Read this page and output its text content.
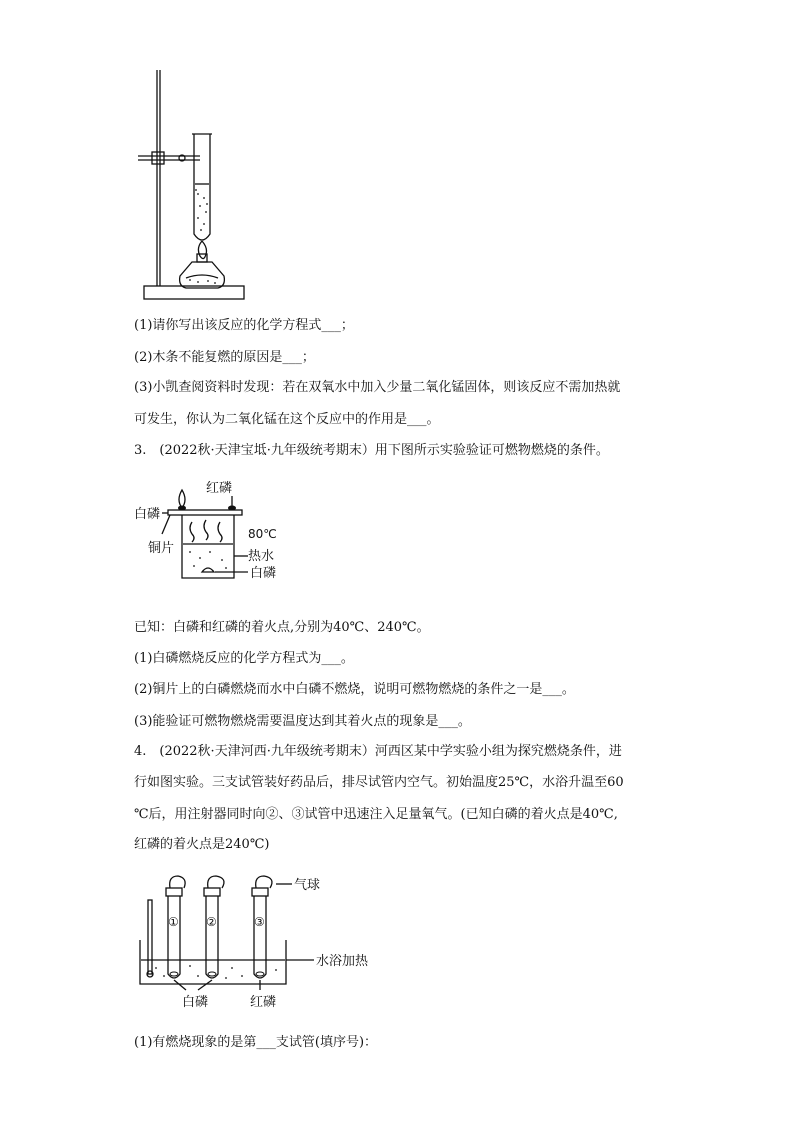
(1)请你写出该反应的化学方程式___；
(2)木条不能复燃的原因是___；
(3)小凯查阅资料时发现：若在双氧水中加入少量二氧化锰固体，则该反应不需加热就
可发生，你认为二氧化锰在这个反应中的作用是___。
3.　(2022秋·天津宝坻·九年级统考期末）用下图所示实验验证可燃物燃烧的条件。
红磷
白磷
铜片
80℃
热水
白磷
已知：白磷和红磷的着火点,分别为40℃、240℃。
(1)白磷燃烧反应的化学方程式为___。
(2)铜片上的白磷燃烧而水中白磷不燃烧，说明可燃物燃烧的条件之一是___。
(3)能验证可燃物燃烧需要温度达到其着火点的现象是___。
4.　(2022秋·天津河西·九年级统考期末）河西区某中学实验小组为探究燃烧条件，进
行如图实验。三支试管装好药品后，排尽试管内空气。初始温度25℃，水浴升温至60
℃后，用注射器同时向②、③试管中迅速注入足量氧气。(已知白磷的着火点是40℃,
红磷的着火点是240℃)
① ②	③
气球
水浴加热
白磷	红磷
(1)有燃烧现象的是第___支试管(填序号)：
